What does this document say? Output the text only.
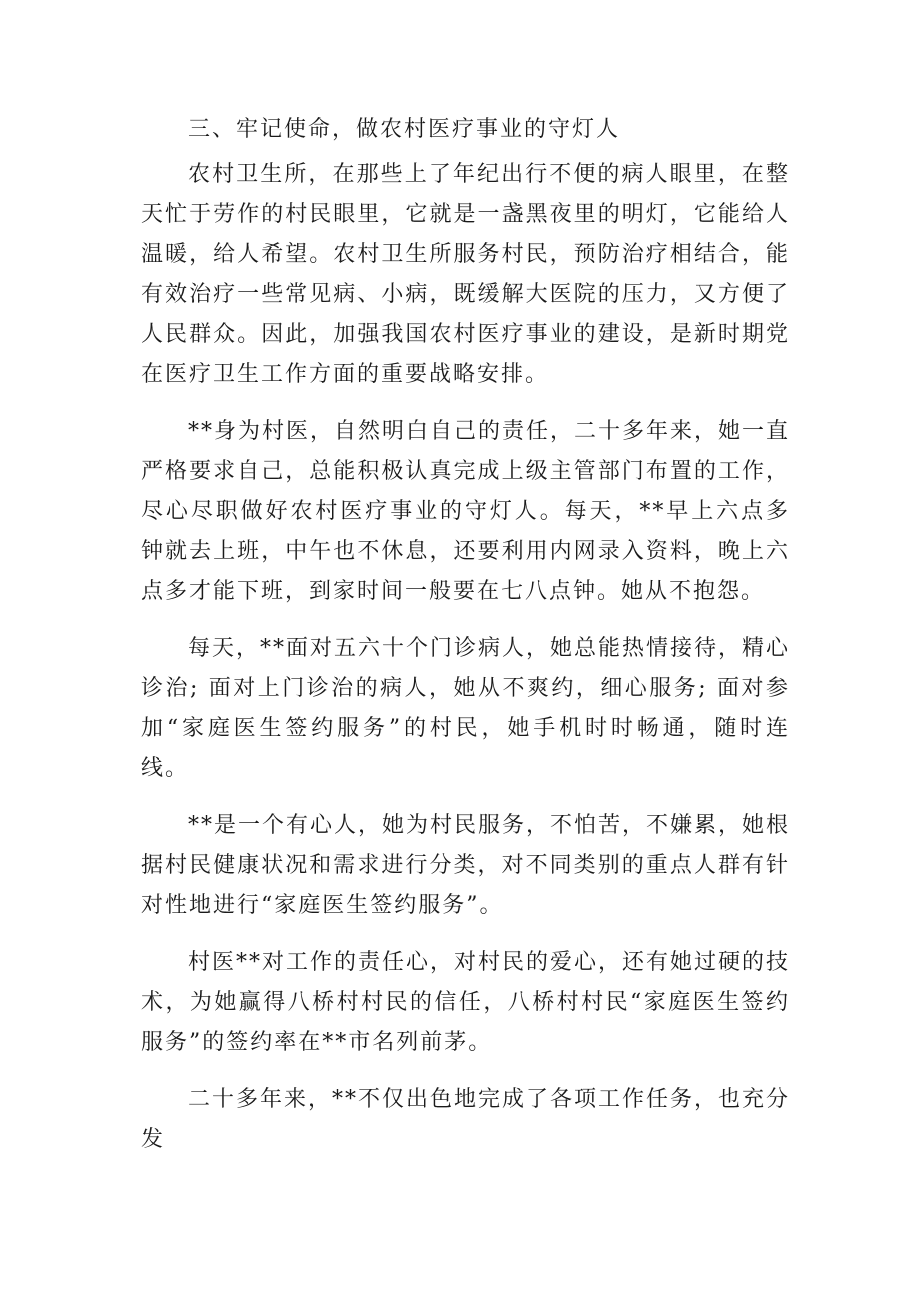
三、牢记使命，做农村医疗事业的守灯人

农村卫生所，在那些上了年纪出行不便的病人眼里，在整天忙于劳作的村民眼里，它就是一盏黑夜里的明灯，它能给人温暖，给人希望。农村卫生所服务村民，预防治疗相结合，能有效治疗一些常见病、小病，既缓解大医院的压力，又方便了人民群众。因此，加强我国农村医疗事业的建设，是新时期党在医疗卫生工作方面的重要战略安排。

**身为村医，自然明白自己的责任，二十多年来，她一直严格要求自己，总能积极认真完成上级主管部门布置的工作，尽心尽职做好农村医疗事业的守灯人。每天，**早上六点多钟就去上班，中午也不休息，还要利用内网录入资料，晚上六点多才能下班，到家时间一般要在七八点钟。她从不抱怨。

每天，**面对五六十个门诊病人，她总能热情接待，精心诊治; 面对上门诊治的病人，她从不爽约，细心服务; 面对参加“家庭医生签约服务”的村民，她手机时时畅通，随时连线。

**是一个有心人，她为村民服务，不怕苦，不嫌累，她根据村民健康状况和需求进行分类，对不同类别的重点人群有针对性地进行“家庭医生签约服务”。

村医**对工作的责任心，对村民的爱心，还有她过硬的技术，为她赢得八桥村村民的信任，八桥村村民“家庭医生签约服务”的签约率在**市名列前茅。

二十多年来，**不仅出色地完成了各项工作任务，也充分发
